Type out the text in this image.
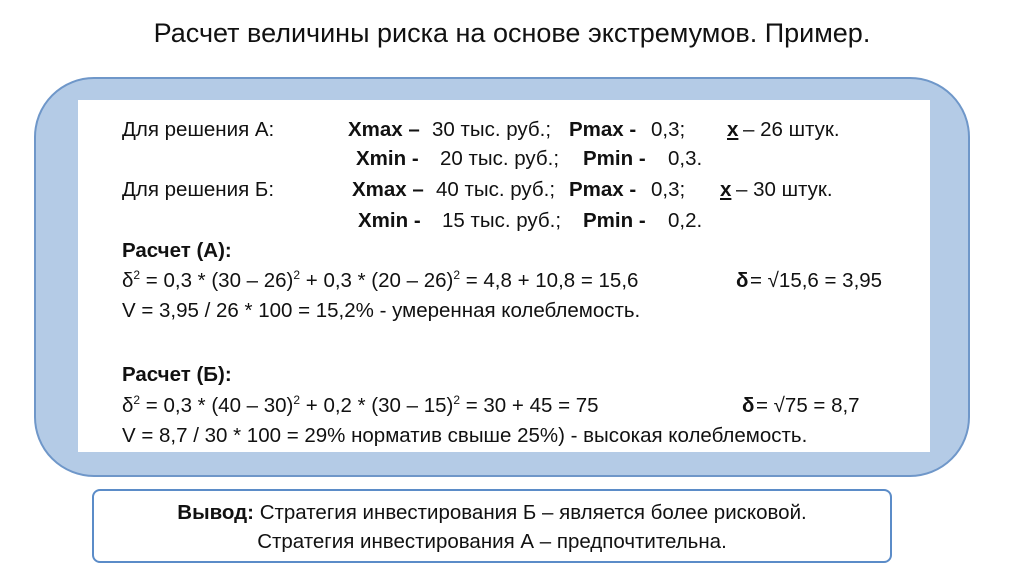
Расчет величины риска на основе экстремумов. Пример.
Для решения А:	Xmax – 30 тыс. руб.; Pmax - 0,3; x – 26 штук.
Xmin - 20 тыс. руб.; Pmin - 0,3.
Для решения Б:	Xmax – 40 тыс. руб.; Pmax - 0,3; x – 30 штук.
Xmin - 15 тыс. руб.; Pmin - 0,2.
Расчет (А):
$\delta^2 = 0,3 * (30 - 26)^2 + 0,3 * (20 - 26)^2 = 4,8 + 10,8 = 15,6$	δ = √15,6 = 3,95
V = 3,95 / 26 * 100 = 15,2% - умеренная колеблемость.
Расчет (Б):
$\delta^2 = 0,3 * (40 - 30)^2 + 0,2 * (30 - 15)^2 = 30 + 45 = 75$	δ = √75 = 8,7
V = 8,7 / 30 * 100 = 29% норматив свыше 25%) - высокая колеблемость.
Вывод: Стратегия инвестирования Б – является более рисковой.
Стратегия инвестирования А – предпочтительна.
